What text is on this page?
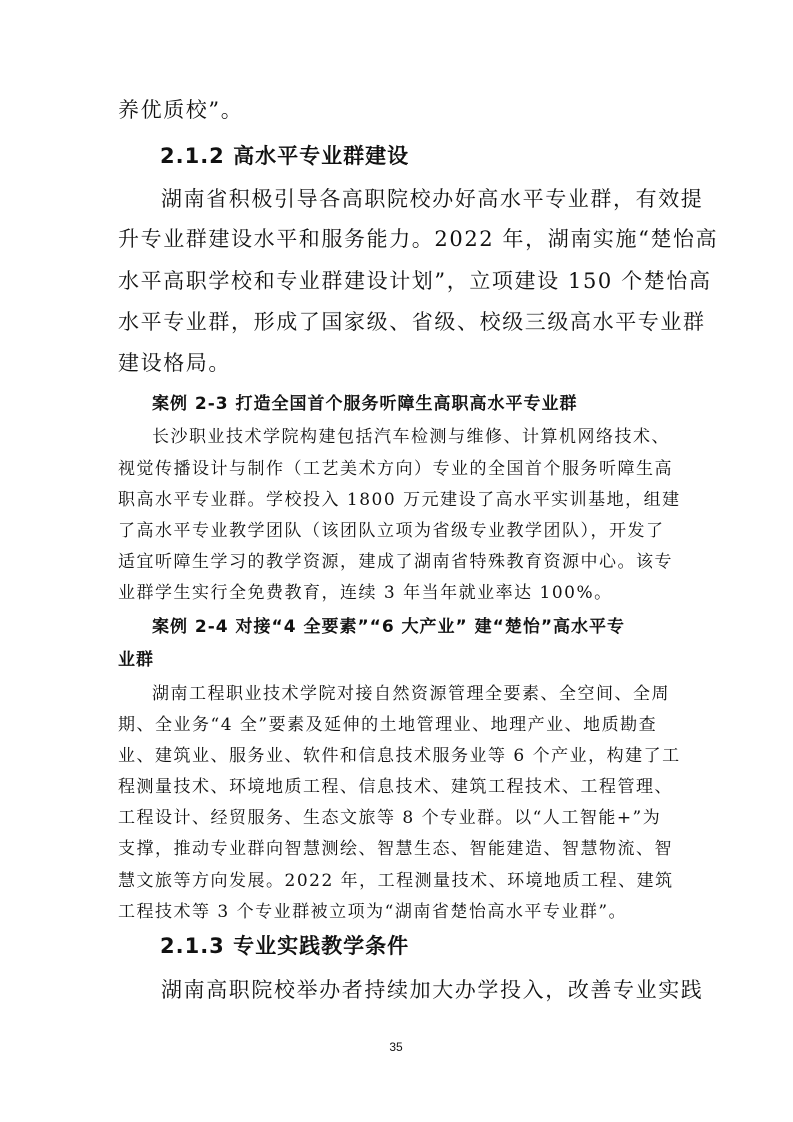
养优质校”。
2.1.2 高水平专业群建设
湖南省积极引导各高职院校办好高水平专业群，有效提
升专业群建设水平和服务能力。2022 年，湖南实施“楚怡高
水平高职学校和专业群建设计划”，立项建设 150 个楚怡高
水平专业群，形成了国家级、省级、校级三级高水平专业群
建设格局。
案例 2-3 打造全国首个服务听障生高职高水平专业群
长沙职业技术学院构建包括汽车检测与维修、计算机网络技术、
视觉传播设计与制作（工艺美术方向）专业的全国首个服务听障生高
职高水平专业群。学校投入 1800 万元建设了高水平实训基地，组建
了高水平专业教学团队（该团队立项为省级专业教学团队），开发了
适宜听障生学习的教学资源，建成了湖南省特殊教育资源中心。该专
业群学生实行全免费教育，连续 3 年当年就业率达 100%。
案例 2-4 对接“4 全要素”“6 大产业” 建“楚怡”高水平专
业群
湖南工程职业技术学院对接自然资源管理全要素、全空间、全周
期、全业务“4 全”要素及延伸的土地管理业、地理产业、地质勘查
业、建筑业、服务业、软件和信息技术服务业等 6 个产业，构建了工
程测量技术、环境地质工程、信息技术、建筑工程技术、工程管理、
工程设计、经贸服务、生态文旅等 8 个专业群。以“人工智能+”为
支撑，推动专业群向智慧测绘、智慧生态、智能建造、智慧物流、智
慧文旅等方向发展。2022 年，工程测量技术、环境地质工程、建筑
工程技术等 3 个专业群被立项为“湖南省楚怡高水平专业群”。
2.1.3 专业实践教学条件
湖南高职院校举办者持续加大办学投入，改善专业实践
35
